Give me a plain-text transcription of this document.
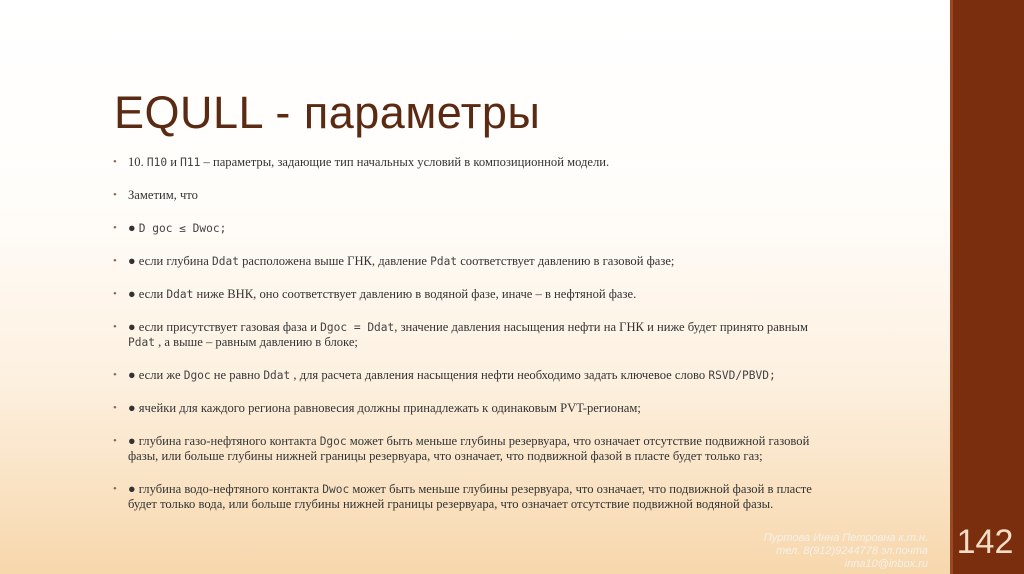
142
EQULL - параметры
• 10. П10 и П11 – параметры, задающие тип начальных условий в композиционной модели.
• Заметим, что
• ● D goc ≤ Dwoc;
• ● если глубина Ddat расположена выше ГНК, давление Pdat соответствует давлению в газовой фазе;
• ● если Ddat ниже ВНК, оно соответствует давлению в водяной фазе, иначе – в нефтяной фазе.
• ● если присутствует газовая фаза и Dgoc = Ddat, значение давления насыщения нефти на ГНК и ниже будет принято равным Pdat , а выше – равным давлению в блоке;
• ● если же Dgoc не равно Ddat , для расчета давления насыщения нефти необходимо задать ключевое слово RSVD/PBVD;
• ● ячейки для каждого региона равновесия должны принадлежать к одинаковым PVT-регионам;
• ● глубина газо-нефтяного контакта Dgoc может быть меньше глубины резервуара, что означает отсутствие подвижной газовой фазы, или больше глубины нижней границы резервуара, что означает, что подвижной фазой в пласте будет только газ;
• ● глубина водо-нефтяного контакта Dwoc может быть меньше глубины резервуара, что означает, что подвижной фазой в пласте будет только вода, или больше глубины нижней границы резервуара, что означает отсутствие подвижной водяной фазы.
Пуртова Инна Петровна к.т.н.
тел. 8(912)9244778 эл.почта
inna10@inbox.ru
